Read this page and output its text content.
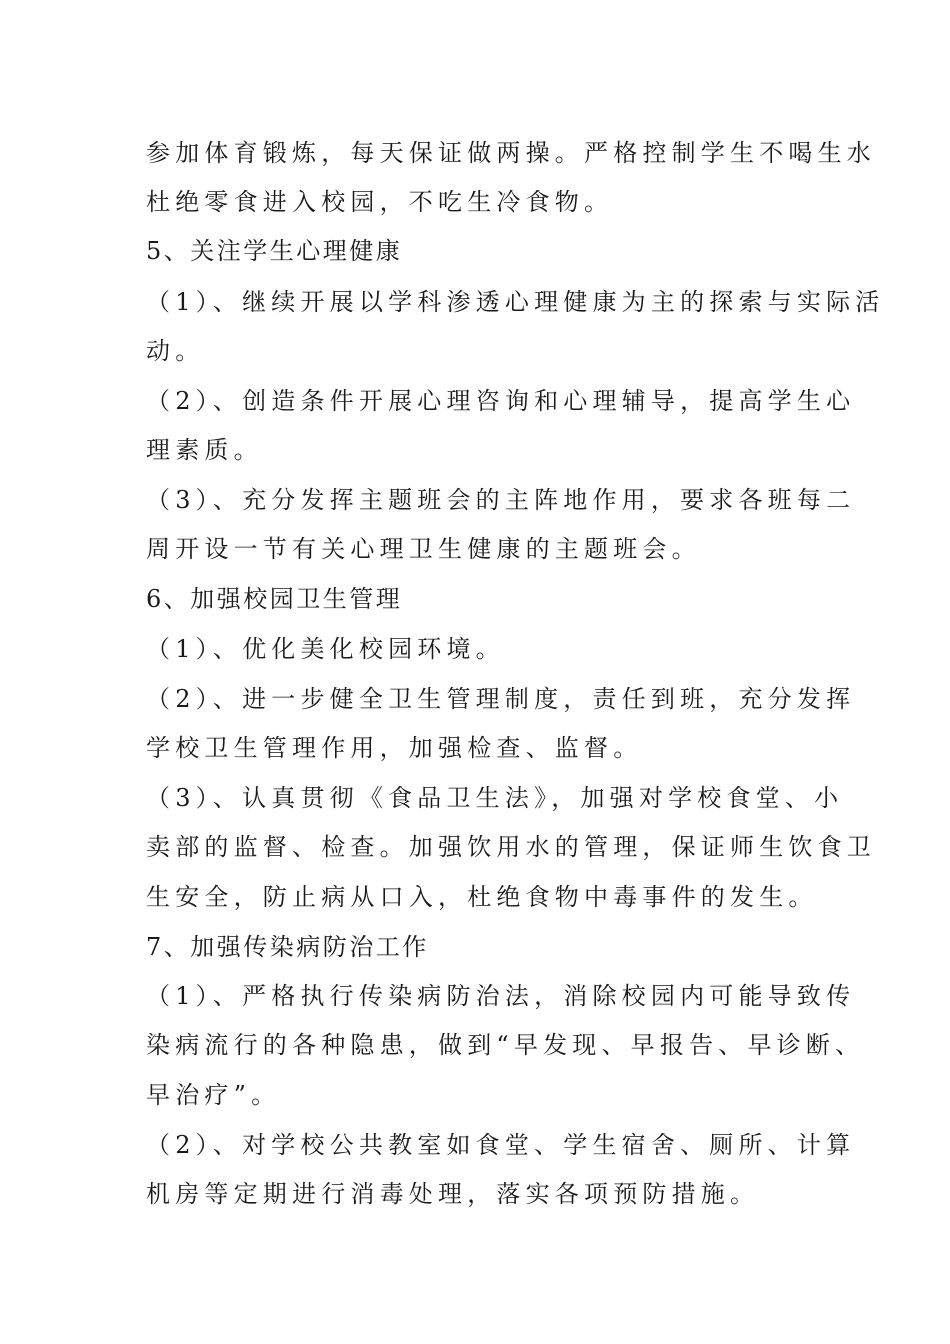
参加体育锻炼，每天保证做两操。严格控制学生不喝生水
杜绝零食进入校园，不吃生冷食物。
5、关注学生心理健康
（1）、继续开展以学科渗透心理健康为主的探索与实际活
动。
（2）、创造条件开展心理咨询和心理辅导，提高学生心
理素质。
（3）、充分发挥主题班会的主阵地作用，要求各班每二
周开设一节有关心理卫生健康的主题班会。
6、加强校园卫生管理
（1）、优化美化校园环境。
（2）、进一步健全卫生管理制度，责任到班，充分发挥
学校卫生管理作用，加强检查、监督。
（3）、认真贯彻《食品卫生法》，加强对学校食堂、小
卖部的监督、检查。加强饮用水的管理，保证师生饮食卫
生安全，防止病从口入，杜绝食物中毒事件的发生。
7、加强传染病防治工作
（1）、严格执行传染病防治法，消除校园内可能导致传
染病流行的各种隐患，做到“早发现、早报告、早诊断、
早治疗”。
（2）、对学校公共教室如食堂、学生宿舍、厕所、计算
机房等定期进行消毒处理，落实各项预防措施。
